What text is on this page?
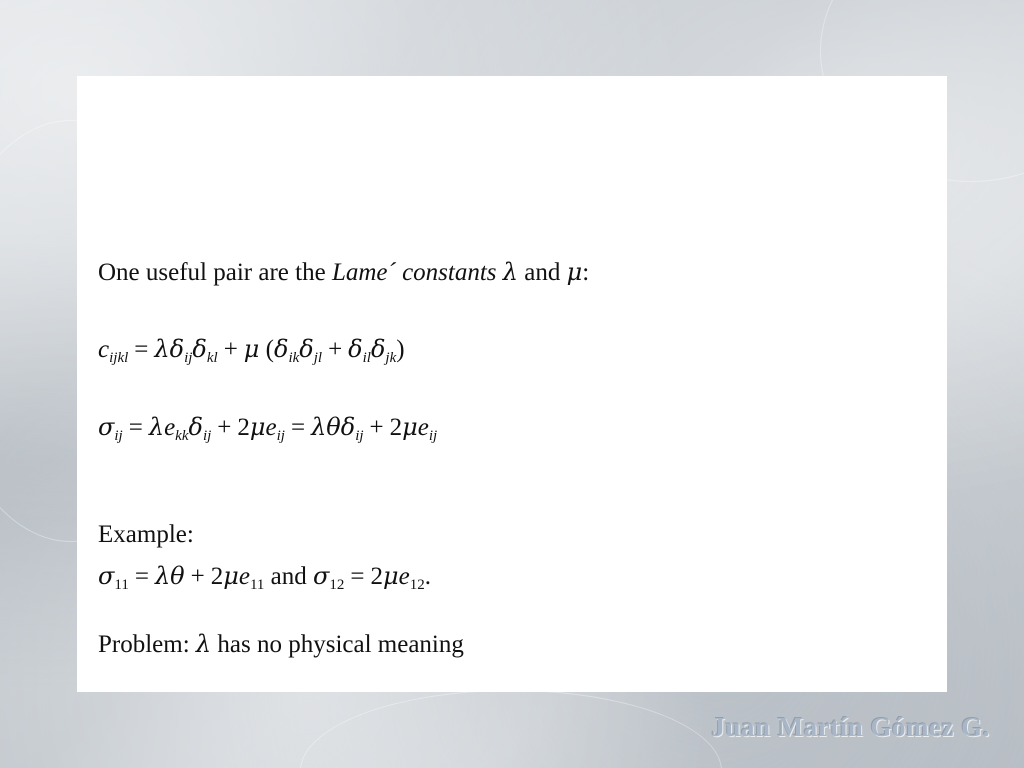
One useful pair are the Lame´ constants λ and μ:
$c_{ijkl} = \lambda\delta_{ij}\delta_{kl} + \mu$ $(\delta_{ik}\delta_{jl} + \delta_{il}\delta_{jk})$
$\sigma_{ij} = \lambda e_{kk}\delta_{ij} + 2\mu e_{ij} = \lambda\theta\delta_{ij} + 2\mu e_{ij}$
Example:
$\sigma_{11} = \lambda\theta + 2\mu e_{11}$ and $\sigma_{12} = 2\mu e_{12}$.
Problem: λ has no physical meaning
Juan Martín Gómez G.
